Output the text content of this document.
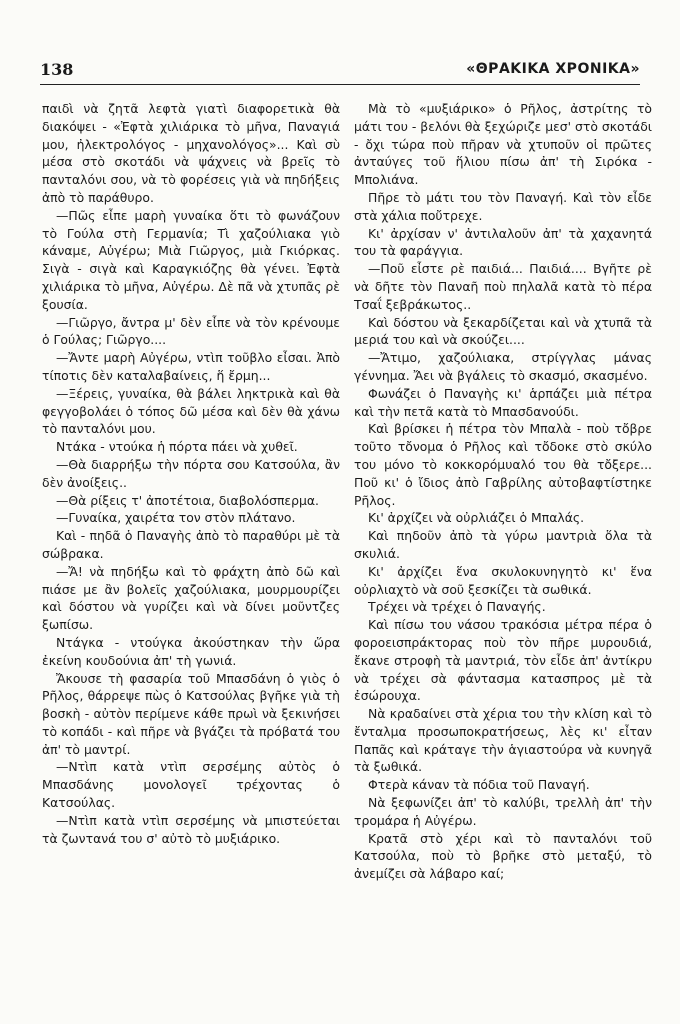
138	«ΘΡΑΚΙΚΑ ΧΡΟΝΙΚΑ»

παιδὶ νὰ ζητᾶ λεφτὰ γιατὶ διαφορετικὰ θὰ διακόψει - «Ἐφτὰ χιλιάρικα τὸ μῆνα, Παναγιά μου, ἠλεκτρολόγος - μηχανολόγος»... Καὶ σὺ μέσα στὸ σκοτάδι νὰ ψάχνεις νὰ βρεῖς τὸ πανταλόνι σου, νὰ τὸ φορέσεις γιὰ νὰ πηδήξεις ἀπὸ τὸ παράθυρο.

—Πῶς εἶπε μαρὴ γυναίκα ὅτι τὸ φωνάζουν τὸ Γούλα στὴ Γερμανία; Τὶ χαζούλιακα γιὸ κάναμε, Αὐγέρω; Μιὰ Γιῶργος, μιὰ Γκιόρκας. Σιγὰ - σιγὰ καὶ Καραγκιόζης θὰ γένει. Ἐφτὰ χιλιάρικα τὸ μῆνα, Αὐγέρω. Δὲ πᾶ νὰ χτυπᾶς ρὲ ξουσία.

—Γιῶργο, ἄντρα μ' δὲν εἶπε νὰ τὸν κρένουμε ὁ Γούλας; Γιῶργο....

—Ἄντε μαρὴ Αὐγέρω, ντὶπ τοῦβλο εἶσαι. Ἀπὸ τίποτις δὲν καταλαβαίνεις, ἥ ἔρμη...

—Ξέρεις, γυναίκα, θὰ βάλει ληκτρικὰ καὶ θὰ φεγγοβολάει ὁ τόπος δῶ μέσα καὶ δὲν θὰ χάνω τὸ πανταλόνι μου.

Ντάκα - ντούκα ἡ πόρτα πάει νὰ χυθεῖ.

—Θὰ διαρρήξω τὴν πόρτα σου Κατσούλα, ἂν δὲν ἀνοίξεις..

—Θὰ ρίξεις τ' ἀποτέτοια, διαβολόσπερμα.

—Γυναίκα, χαιρέτα τον στὸν πλάτανο.

Καὶ - πηδᾶ ὁ Παναγὴς ἀπὸ τὸ παραθύρι μὲ τὰ σώβρακα.

—Ἄ! νὰ πηδήξω καὶ τὸ φράχτη ἀπὸ δῶ καὶ πιάσε με ἂν βολεῖς χαζούλιακα, μουρμουρίζει καὶ δόστου νὰ γυρίζει καὶ νὰ δίνει μοῦντζες ξωπίσω.

Ντάγκα - ντούγκα ἀκούστηκαν τὴν ὥρα ἐκείνη κουδούνια ἀπ' τὴ γωνιά.

Ἄκουσε τὴ φασαρία τοῦ Μπασδάνη ὁ γιὸς ὁ Ρῆλος, θάρρεψε πὼς ὁ Κατσούλας βγῆκε γιὰ τὴ βοσκὴ - αὐτὸν περίμενε κάθε πρωὶ νὰ ξεκινήσει τὸ κοπάδι - καὶ πῆρε νὰ βγάζει τὰ πρόβατά του ἀπ' τὸ μαντρί.

—Ντὶπ κατὰ ντὶπ σερσέμης αὐτὸς ὁ Μπασδάνης μονολογεῖ τρέχοντας ὁ Κατσούλας.

—Ντὶπ κατὰ ντὶπ σερσέμης νὰ μπιστεύεται τὰ ζωντανά του σ' αὐτὸ τὸ μυξιάρικο.

Μὰ τὸ «μυξιάρικο» ὁ Ρῆλος, ἀστρίτης τὸ μάτι του - βελόνι θὰ ξεχώριζε μεσ' στὸ σκοτάδι - ὄχι τώρα ποὺ πῆραν νὰ χτυποῦν οἱ πρῶτες ἀνταύγες τοῦ ἥλιου πίσω ἀπ' τὴ Σιρόκα - Μπολιάνα.

Πῆρε τὸ μάτι του τὸν Παναγή. Καὶ τὸν εἶδε στὰ χάλια ποὔτρεχε.

Κι' ἀρχίσαν ν' ἀντιλαλοῦν ἀπ' τὰ χαχανητά του τὰ φαράγγια.

—Ποῦ εἶστε ρὲ παιδιά... Παιδιά.... Βγῆτε ρὲ νὰ δῆτε τὸν Παναῆ ποὺ πηλαλᾶ κατὰ τὸ πέρα Τσαΐ ξεβράκωτος..

Καὶ δόστου νὰ ξεκαρδίζεται καὶ νὰ χτυπᾶ τὰ μεριά του καὶ νὰ σκούζει....

—Ἄτιμο, χαζούλιακα, στρίγγλας μάνας γέννημα. Ἄει νὰ βγάλεις τὸ σκασμό, σκασμένο.

Φωνάζει ὁ Παναγὴς κι' ἁρπάζει μιὰ πέτρα καὶ τὴν πετᾶ κατὰ τὸ Μπασδανούδι.

Καὶ βρίσκει ἡ πέτρα τὸν Μπαλὰ - ποὺ τὄβρε τοῦτο τὄνομα ὁ Ρῆλος καὶ τὄδοκε στὸ σκύλο του μόνο τὸ κοκκορόμυαλό του θὰ τὄξερε... Ποῦ κι' ὁ ἴδιος ἀπὸ Γαβρίλης αὐτοβαφτίστηκε Ρῆλος.

Κι' ἀρχίζει νὰ οὐρλιάζει ὁ Μπαλάς.

Καὶ πηδοῦν ἀπὸ τὰ γύρω μαντριὰ ὅλα τὰ σκυλιά.

Κι' ἀρχίζει ἕνα σκυλοκυνηγητὸ κι' ἕνα οὐρλιαχτὸ νὰ σοῦ ξεσκίζει τὰ σωθικά.

Τρέχει νὰ τρέχει ὁ Παναγής.

Καὶ πίσω του νάσου τρακόσια μέτρα πέρα ὁ φοροεισπράκτορας ποὺ τὸν πῆρε μυρουδιά, ἔκανε στροφὴ τὰ μαντριά, τὸν εἶδε ἀπ' ἀντίκρυ νὰ τρέχει σὰ φάντασμα κατασπρος μὲ τὰ ἐσώρουχα.

Νὰ κραδαίνει στὰ χέρια του τὴν κλίση καὶ τὸ ἔνταλμα προσωποκρατήσεως, λὲς κι' εἶταν Παπᾶς καὶ κράταγε τὴν ἁγιαστούρα νὰ κυνηγᾶ τὰ ξωθικά.

Φτερὰ κάναν τὰ πόδια τοῦ Παναγή.

Νὰ ξεφωνίζει ἀπ' τὸ καλύβι, τρελλὴ ἀπ' τὴν τρομάρα ἡ Αὐγέρω.

Κρατᾶ στὸ χέρι καὶ τὸ πανταλόνι τοῦ Κατσούλα, ποὺ τὸ βρῆκε στὸ μεταξύ, τὸ ἀνεμίζει σὰ λάβαρο καί;
